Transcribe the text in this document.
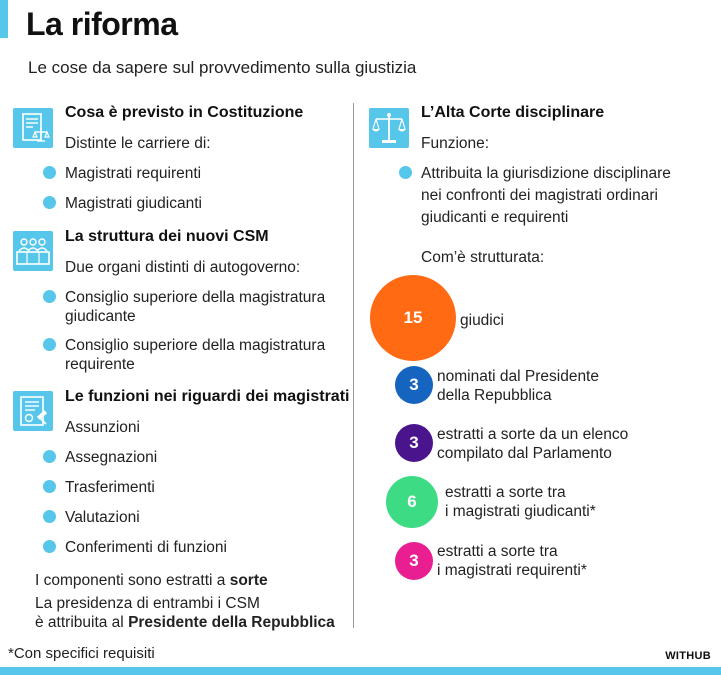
La riforma
Le cose da sapere sul provvedimento sulla giustizia
Cosa è previsto in Costituzione
Distinte le carriere di:
Magistrati requirenti
Magistrati giudicanti
La struttura dei nuovi CSM
Due organi distinti di autogoverno:
Consiglio superiore della magistratura
giudicante
Consiglio superiore della magistratura
requirente
Le funzioni nei riguardi dei magistrati
Assunzioni
Assegnazioni
Trasferimenti
Valutazioni
Conferimenti di funzioni
I componenti sono estratti a sorte
La presidenza di entrambi i CSM
è attribuita al Presidente della Repubblica
L’Alta Corte disciplinare
Funzione:
Attribuita la giurisdizione disciplinare
nei confronti dei magistrati ordinari
giudicanti e requirenti
Com’è strutturata:
15	giudici
3	nominati dal Presidente
della Repubblica
3	estratti a sorte da un elenco
compilato dal Parlamento
6	estratti a sorte tra
i magistrati giudicanti*
3	estratti a sorte tra
i magistrati requirenti*
*Con specifici requisiti	WITHUB
